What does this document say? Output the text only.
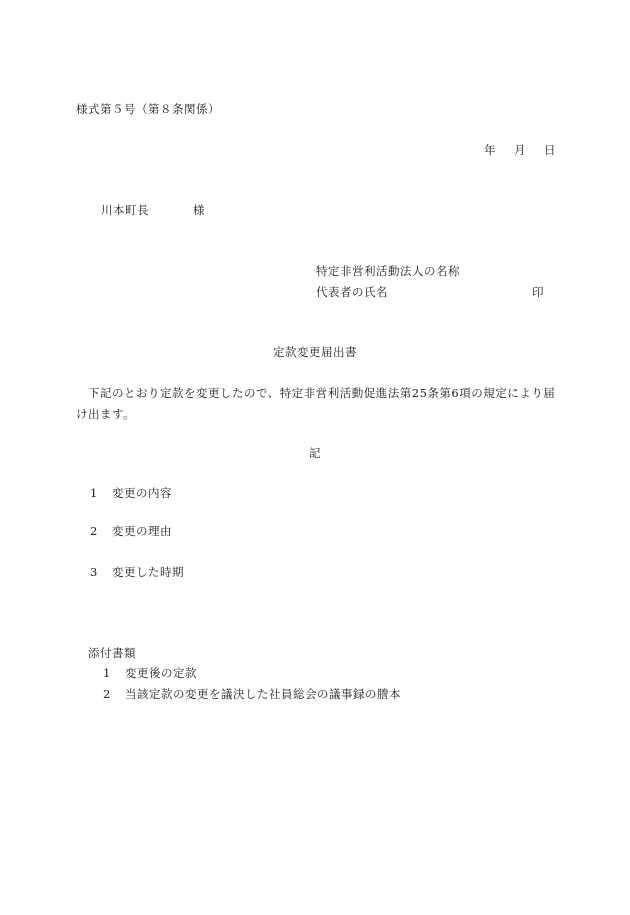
様式第５号（第８条関係）
年 月 日
川本町長	様
特定非営利活動法人の名称
代表者の氏名	印
定款変更届出書
下記のとおり定款を変更したので、特定非営利活動促進法第25条第6項の規定により届け出ます。
記
1 変更の内容
2 変更の理由
3 変更した時期
添付書類
1 変更後の定款
2 当該定款の変更を議決した社員総会の議事録の謄本
